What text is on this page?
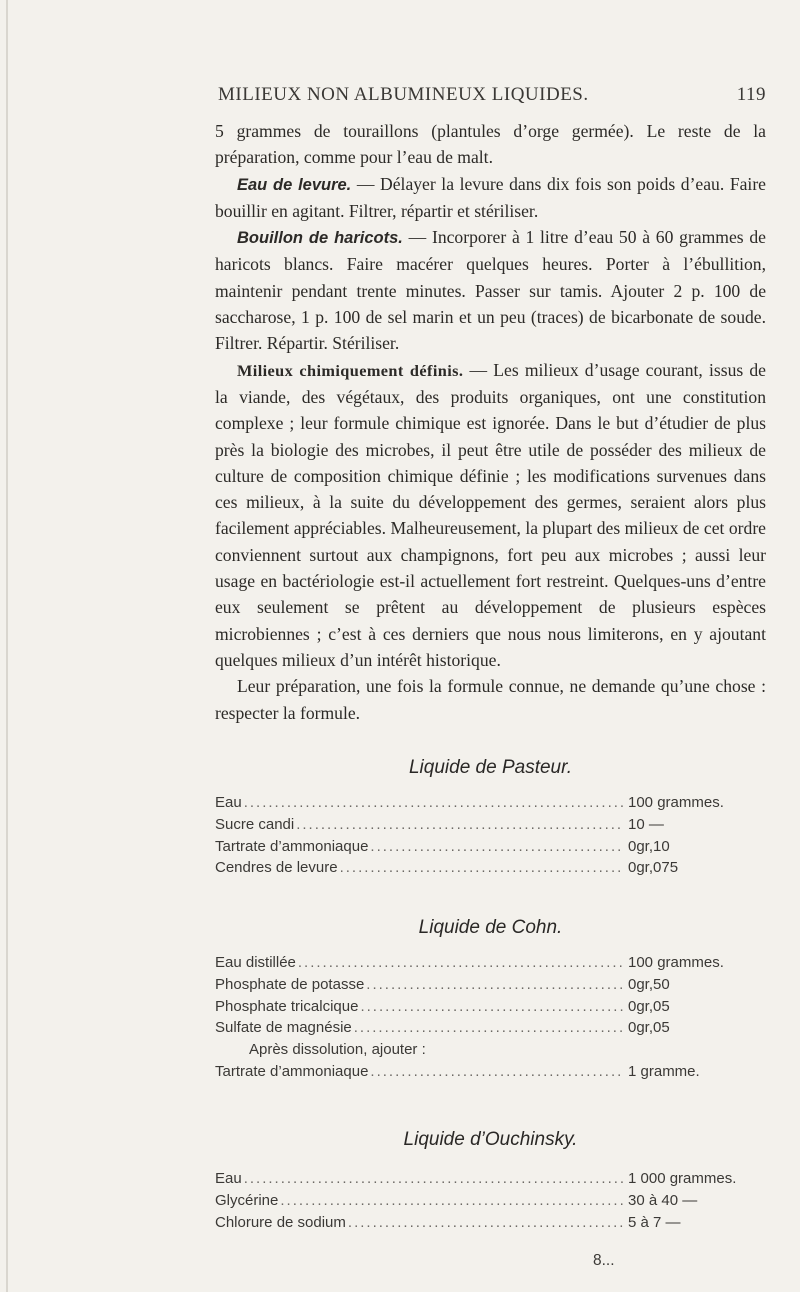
MILIEUX NON ALBUMINEUX LIQUIDES.	119

5 grammes de touraillons (plantules d’orge germée). Le reste de la préparation, comme pour l’eau de malt.

Eau de levure. — Délayer la levure dans dix fois son poids d’eau. Faire bouillir en agitant. Filtrer, répartir et stériliser.

Bouillon de haricots. — Incorporer à 1 litre d’eau 50 à 60 grammes de haricots blancs. Faire macérer quelques heures. Porter à l’ébullition, maintenir pendant trente minutes. Passer sur tamis. Ajouter 2 p. 100 de saccharose, 1 p. 100 de sel marin et un peu (traces) de bicarbonate de soude. Filtrer. Répartir. Stériliser.

Milieux chimiquement définis. — Les milieux d’usage courant, issus de la viande, des végétaux, des produits organiques, ont une constitution complexe ; leur formule chimique est ignorée. Dans le but d’étudier de plus près la biologie des microbes, il peut être utile de posséder des milieux de culture de composition chimique définie ; les modifications survenues dans ces milieux, à la suite du développement des germes, seraient alors plus facilement appréciables. Malheureusement, la plupart des milieux de cet ordre conviennent surtout aux champignons, fort peu aux microbes ; aussi leur usage en bactériologie est-il actuellement fort restreint. Quelques-uns d’entre eux seulement se prêtent au développement de plusieurs espèces microbiennes ; c’est à ces derniers que nous nous limiterons, en y ajoutant quelques milieux d’un intérêt historique.

Leur préparation, une fois la formule connue, ne demande qu’une chose : respecter la formule.

Liquide de Pasteur.
Eau .....	100 grammes.
Sucre candi .....	10 —
Tartrate d’ammoniaque .....	0gr,10
Cendres de levure .....	0gr,075
Liquide de Cohn.
Eau distillée .....	100 grammes.
Phosphate de potasse .....	0gr,50
Phosphate tricalcique .....	0gr,05
Sulfate de magnésie .....	0gr,05
Après dissolution, ajouter :
Tartrate d’ammoniaque .....	1 gramme.
Liquide d’Ouchinsky.
Eau .....	1 000 grammes.
Glycérine .....	30 à 40 —
Chlorure de sodium .....	5 à 7 —
8...
